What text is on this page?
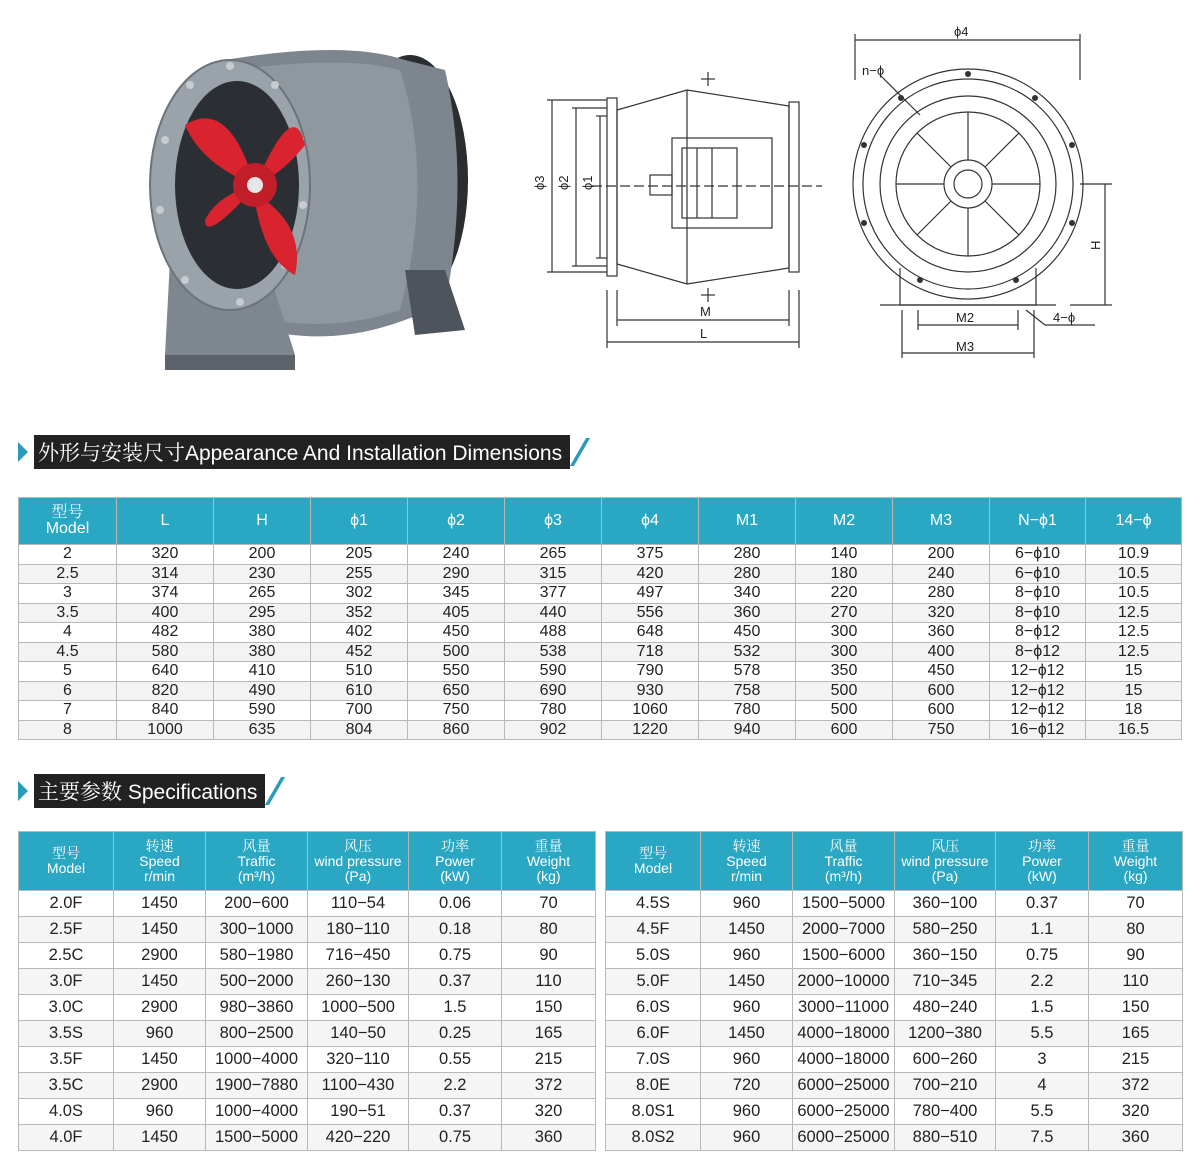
ϕ3 ϕ2 ϕ1
M
L
ϕ4
n−ϕ
H
M2
M3
4−ϕ
外形与安装尺寸Appearance And Installation Dimensions
型号
Model	L	H	ϕ1	ϕ2	ϕ3	ϕ4	M1	M2	M3	N−ϕ1	14−ϕ
2	320	200	205	240	265	375	280	140	200	6−ϕ10	10.9
2.5	314	230	255	290	315	420	280	180	240	6−ϕ10	10.5
3	374	265	302	345	377	497	340	220	280	8−ϕ10	10.5
3.5	400	295	352	405	440	556	360	270	320	8−ϕ10	12.5
4	482	380	402	450	488	648	450	300	360	8−ϕ12	12.5
4.5	580	380	452	500	538	718	532	300	400	8−ϕ12	12.5
5	640	410	510	550	590	790	578	350	450	12−ϕ12	15
6	820	490	610	650	690	930	758	500	600	12−ϕ12	15
7	840	590	700	750	780	1060	780	500	600	12−ϕ12	18
8	1000	635	804	860	902	1220	940	600	750	16−ϕ12	16.5
主要参数 Specifications
型号
Model	转速
Speed
r/min	风量
Traffic
(m³/h)	风压
wind pressure
(Pa)	功率
Power
(kW)	重量
Weight
(kg)

2.0F	1450	200−600	110−54	0.06	70
2.5F	1450	300−1000	180−110	0.18	80
2.5C	2900	580−1980	716−450	0.75	90
3.0F	1450	500−2000	260−130	0.37	110
3.0C	2900	980−3860	1000−500	1.5	150
3.5S	960	800−2500	140−50	0.25	165
3.5F	1450	1000−4000	320−110	0.55	215
3.5C	2900	1900−7880	1100−430	2.2	372
4.0S	960	1000−4000	190−51	0.37	320
4.0F	1450	1500−5000	420−220	0.75	360
型号
Model	转速
Speed
r/min	风量
Traffic
(m³/h)	风压
wind pressure
(Pa)	功率
Power
(kW)	重量
Weight
(kg)

4.5S	960	1500−5000	360−100	0.37	70
4.5F	1450	2000−7000	580−250	1.1	80
5.0S	960	1500−6000	360−150	0.75	90
5.0F	1450	2000−10000	710−345	2.2	110
6.0S	960	3000−11000	480−240	1.5	150
6.0F	1450	4000−18000	1200−380	5.5	165
7.0S	960	4000−18000	600−260	3	215
8.0E	720	6000−25000	700−210	4	372
8.0S1	960	6000−25000	780−400	5.5	320
8.0S2	960	6000−25000	880−510	7.5	360
